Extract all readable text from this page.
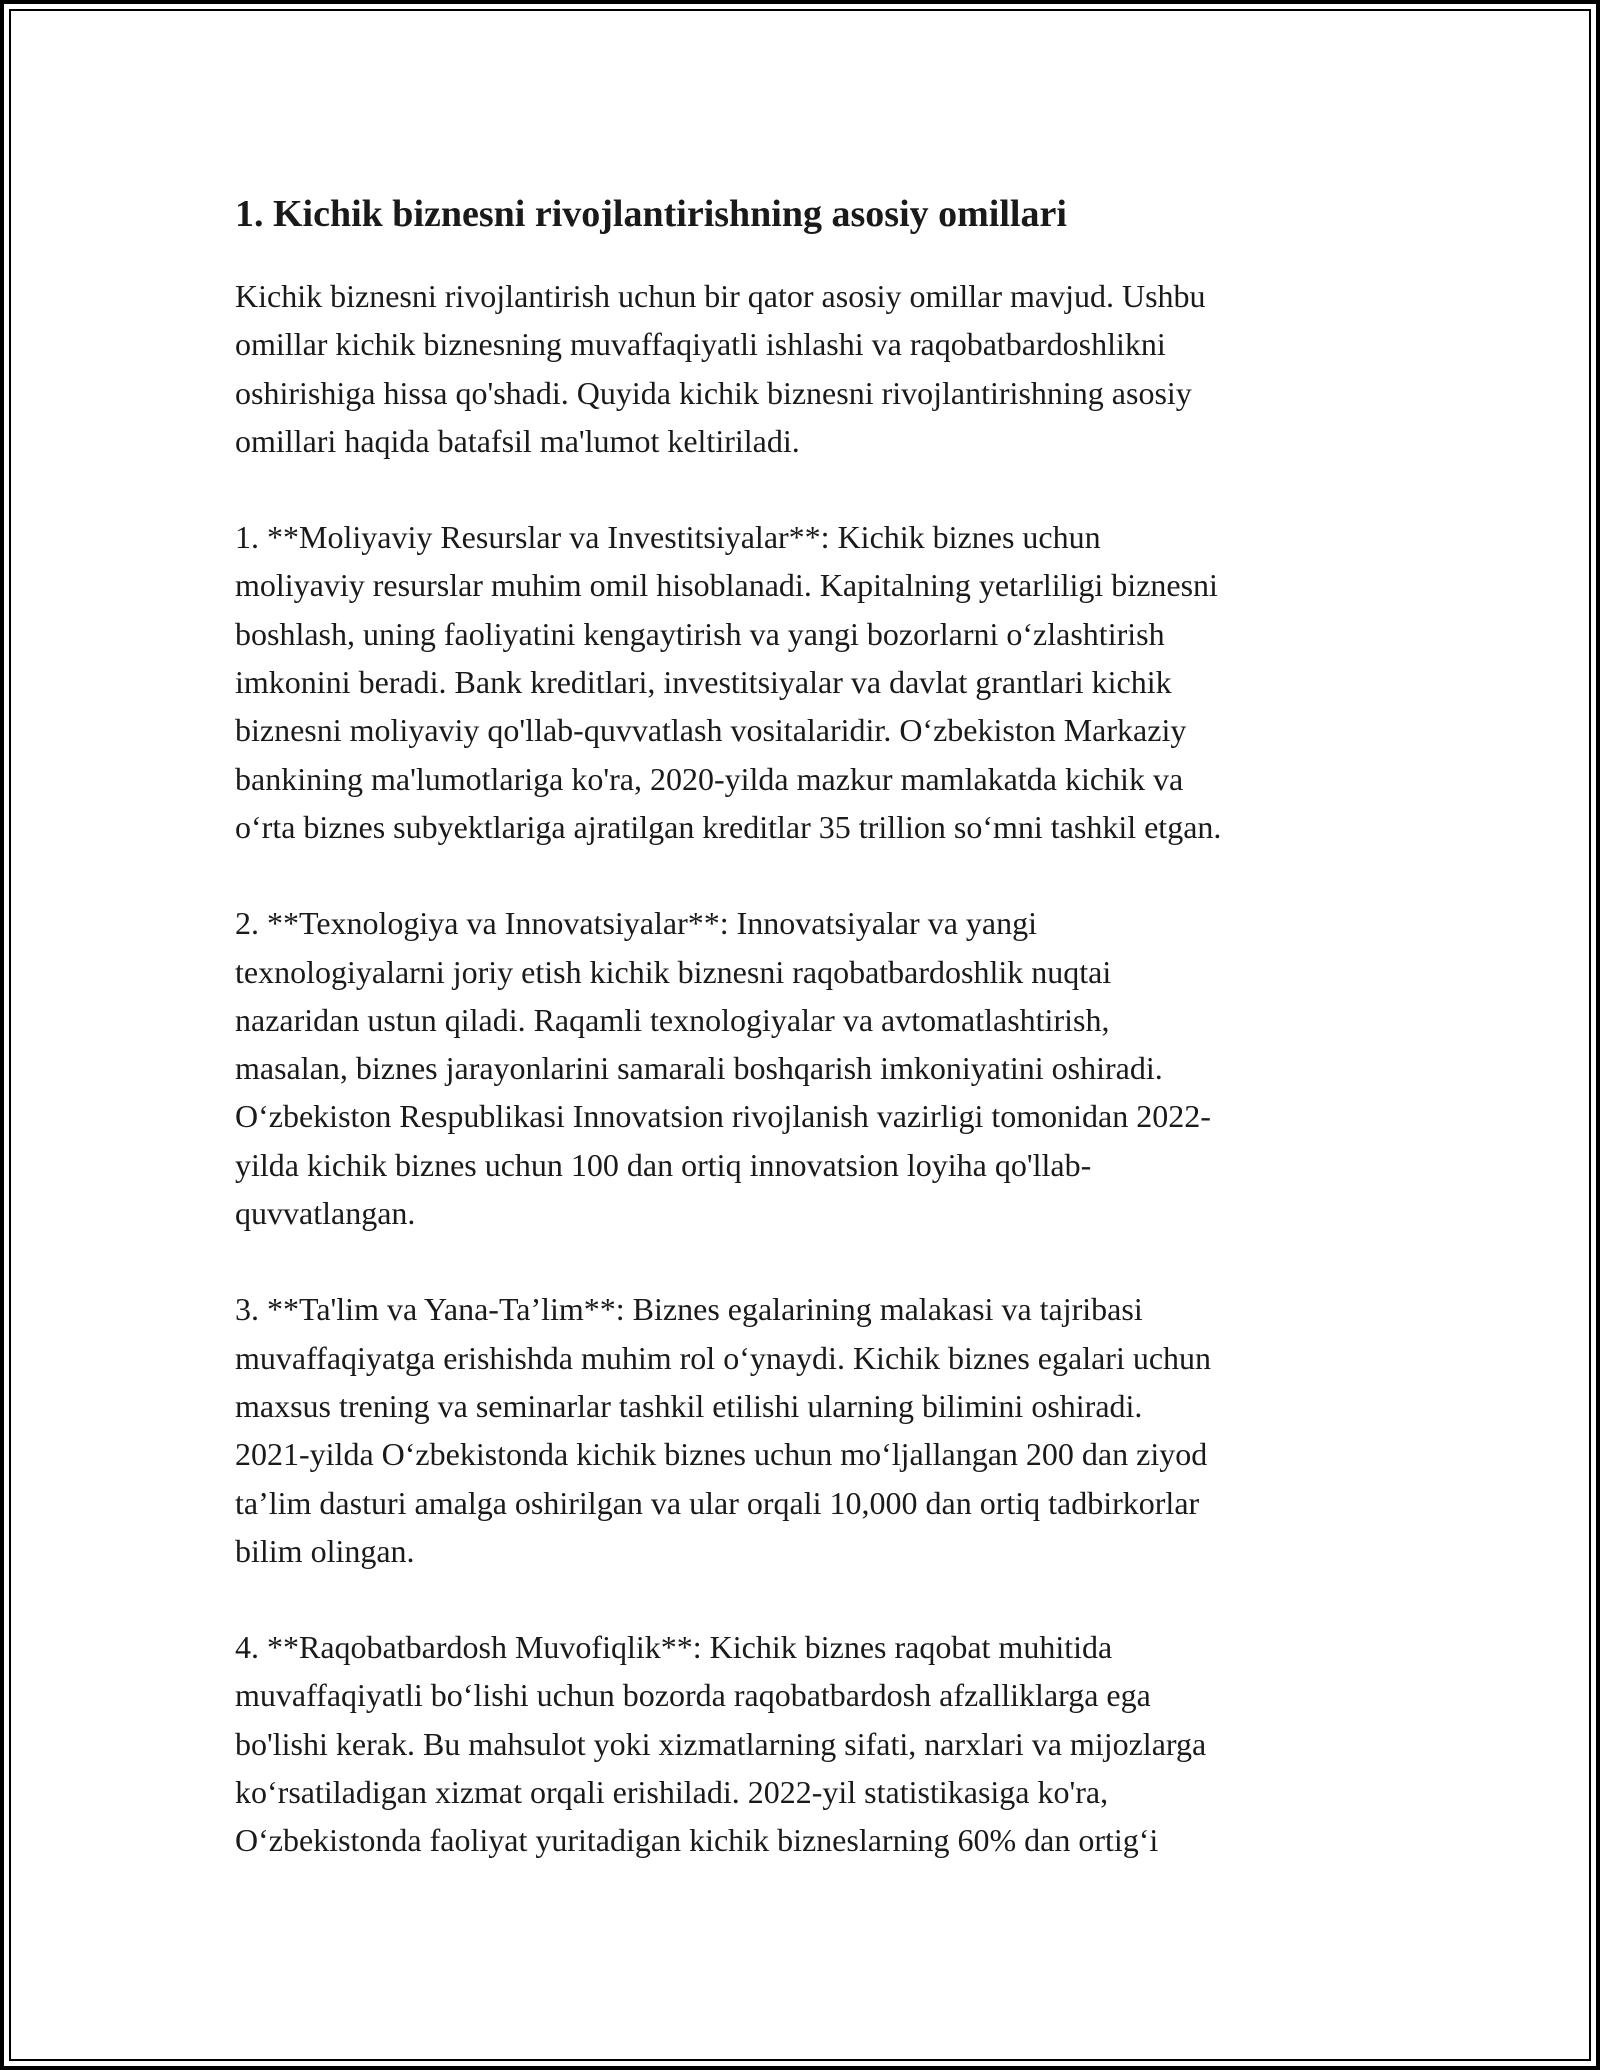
1. Kichik biznesni rivojlantirishning asosiy omillari

Kichik biznesni rivojlantirish uchun bir qator asosiy omillar mavjud. Ushbu
omillar kichik biznesning muvaffaqiyatli ishlashi va raqobatbardoshlikni
oshirishiga hissa qo'shadi. Quyida kichik biznesni rivojlantirishning asosiy
omillari haqida batafsil ma'lumot keltiriladi.

1. **Moliyaviy Resurslar va Investitsiyalar**: Kichik biznes uchun
moliyaviy resurslar muhim omil hisoblanadi. Kapitalning yetarliligi biznesni
boshlash, uning faoliyatini kengaytirish va yangi bozorlarni o‘zlashtirish
imkonini beradi. Bank kreditlari, investitsiyalar va davlat grantlari kichik
biznesni moliyaviy qo'llab-quvvatlash vositalaridir. O‘zbekiston Markaziy
bankining ma'lumotlariga ko'ra, 2020-yilda mazkur mamlakatda kichik va
o‘rta biznes subyektlariga ajratilgan kreditlar 35 trillion so‘mni tashkil etgan.

2. **Texnologiya va Innovatsiyalar**: Innovatsiyalar va yangi
texnologiyalarni joriy etish kichik biznesni raqobatbardoshlik nuqtai
nazaridan ustun qiladi. Raqamli texnologiyalar va avtomatlashtirish,
masalan, biznes jarayonlarini samarali boshqarish imkoniyatini oshiradi.
O‘zbekiston Respublikasi Innovatsion rivojlanish vazirligi tomonidan 2022-
yilda kichik biznes uchun 100 dan ortiq innovatsion loyiha qo'llab-
quvvatlangan.

3. **Ta'lim va Yana-Ta’lim**: Biznes egalarining malakasi va tajribasi
muvaffaqiyatga erishishda muhim rol o‘ynaydi. Kichik biznes egalari uchun
maxsus trening va seminarlar tashkil etilishi ularning bilimini oshiradi.
2021-yilda O‘zbekistonda kichik biznes uchun mo‘ljallangan 200 dan ziyod
ta’lim dasturi amalga oshirilgan va ular orqali 10,000 dan ortiq tadbirkorlar
bilim olingan.

4. **Raqobatbardosh Muvofiqlik**: Kichik biznes raqobat muhitida
muvaffaqiyatli bo‘lishi uchun bozorda raqobatbardosh afzalliklarga ega
bo'lishi kerak. Bu mahsulot yoki xizmatlarning sifati, narxlari va mijozlarga
ko‘rsatiladigan xizmat orqali erishiladi. 2022-yil statistikasiga ko'ra,
O‘zbekistonda faoliyat yuritadigan kichik bizneslarning 60% dan ortig‘i
